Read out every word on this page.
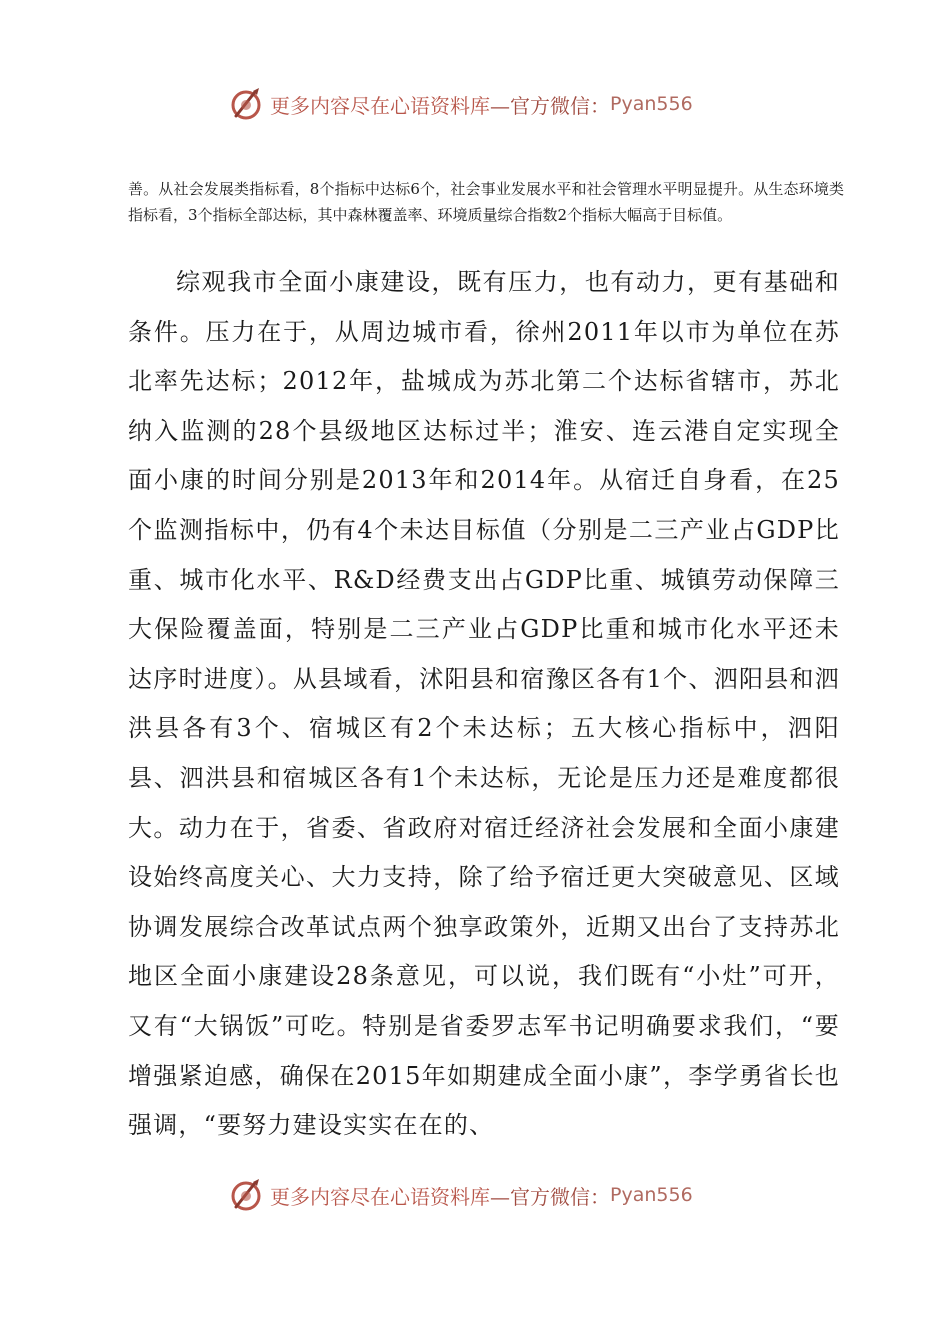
更多内容尽在心语资料库 —官方微信： Pyan556

善。从社会发展类指标看，8个指标中达标6个，社会事业发展水平和社会管理水平明显提升。从生态环境类指标看，3个指标全部达标，其中森林覆盖率、环境质量综合指数2个指标大幅高于目标值。

综观我市全面小康建设，既有压力，也有动力，更有基础和条件。压力在于，从周边城市看，徐州2011年以市为单位在苏北率先达标；2012年，盐城成为苏北第二个达标省辖市，苏北纳入监测的28个县级地区达标过半；淮安、连云港自定实现全面小康的时间分别是2013年和2014年。从宿迁自身看，在25个监测指标中，仍有4个未达目标值（分别是二三产业占GDP比重、城市化水平、R&D经费支出占GDP比重、城镇劳动保障三大保险覆盖面，特别是二三产业占GDP比重和城市化水平还未达序时进度）。从县域看，沭阳县和宿豫区各有1个、泗阳县和泗洪县各有3个、宿城区有2个未达标；五大核心指标中，泗阳县、泗洪县和宿城区各有1个未达标，无论是压力还是难度都很大。动力在于，省委、省政府对宿迁经济社会发展和全面小康建设始终高度关心、大力支持，除了给予宿迁更大突破意见、区域协调发展综合改革试点两个独享政策外，近期又出台了支持苏北地区全面小康建设28条意见，可以说，我们既有“小灶”可开，又有“大锅饭”可吃。特别是省委罗志军书记明确要求我们，“要增强紧迫感，确保在2015年如期建成全面小康”，李学勇省长也强调，“要努力建设实实在在的、

更多内容尽在心语资料库 —官方微信： Pyan556
